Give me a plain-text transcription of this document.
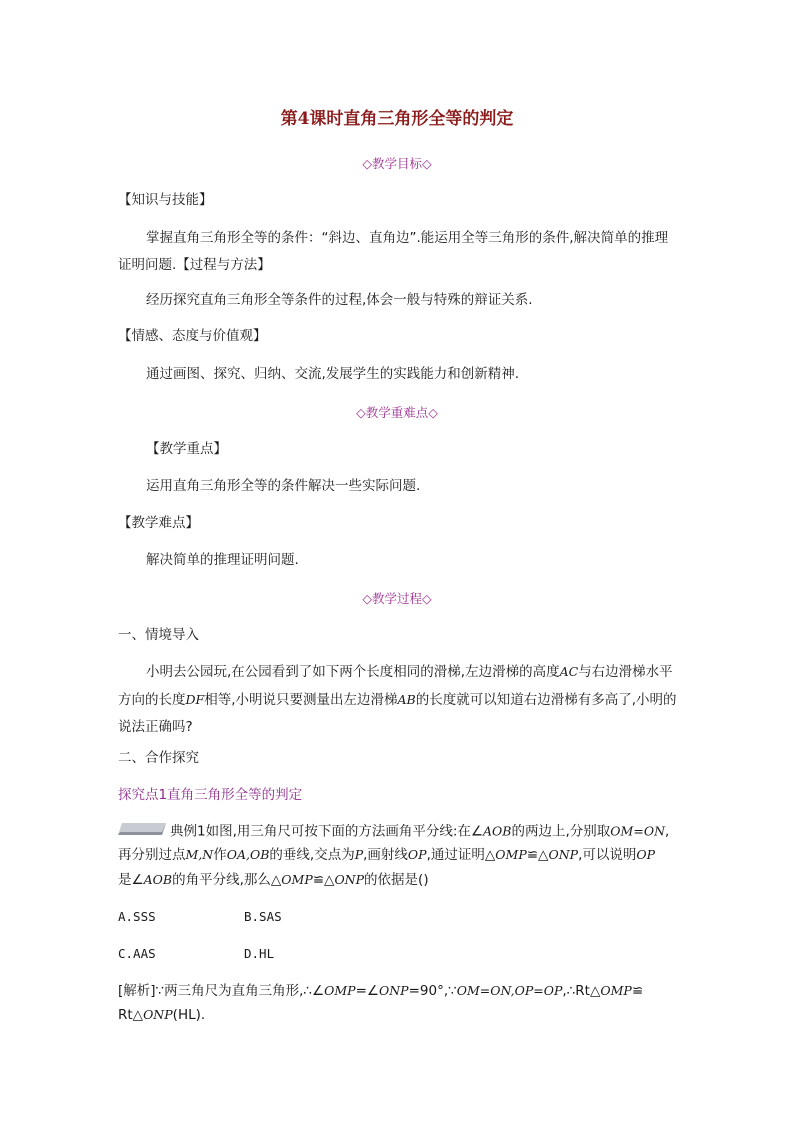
第4课时直角三角形全等的判定
◇教学目标◇
【知识与技能】
掌握直角三角形全等的条件：“斜边、直角边”.能运用全等三角形的条件,解决简单的推理证明问题.【过程与方法】
经历探究直角三角形全等条件的过程,体会一般与特殊的辩证关系.
【情感、态度与价值观】
通过画图、探究、归纳、交流,发展学生的实践能力和创新精神.
◇教学重难点◇
【教学重点】
运用直角三角形全等的条件解决一些实际问题.
【教学难点】
解决简单的推理证明问题.
◇教学过程◇
一、情境导入
小明去公园玩,在公园看到了如下两个长度相同的滑梯,左边滑梯的高度AC与右边滑梯水平方向的长度DF相等,小明说只要测量出左边滑梯AB的长度就可以知道右边滑梯有多高了,小明的说法正确吗?
二、合作探究
探究点1直角三角形全等的判定
典例1如图,用三角尺可按下面的方法画角平分线:在∠AOB的两边上,分别取OM=ON,
再分别过点M,N作OA,OB的垂线,交点为P,画射线OP,通过证明△OMP≌△ONP,可以说明OP
是∠AOB的角平分线,那么△OMP≌△ONP的依据是()
A.SSS	B.SAS
C.AAS	D.HL
[解析]∵两三角尺为直角三角形,∴∠OMP=∠ONP=90°,∵OM=ON,OP=OP,∴Rt△OMP≌
Rt△ONP(HL).
